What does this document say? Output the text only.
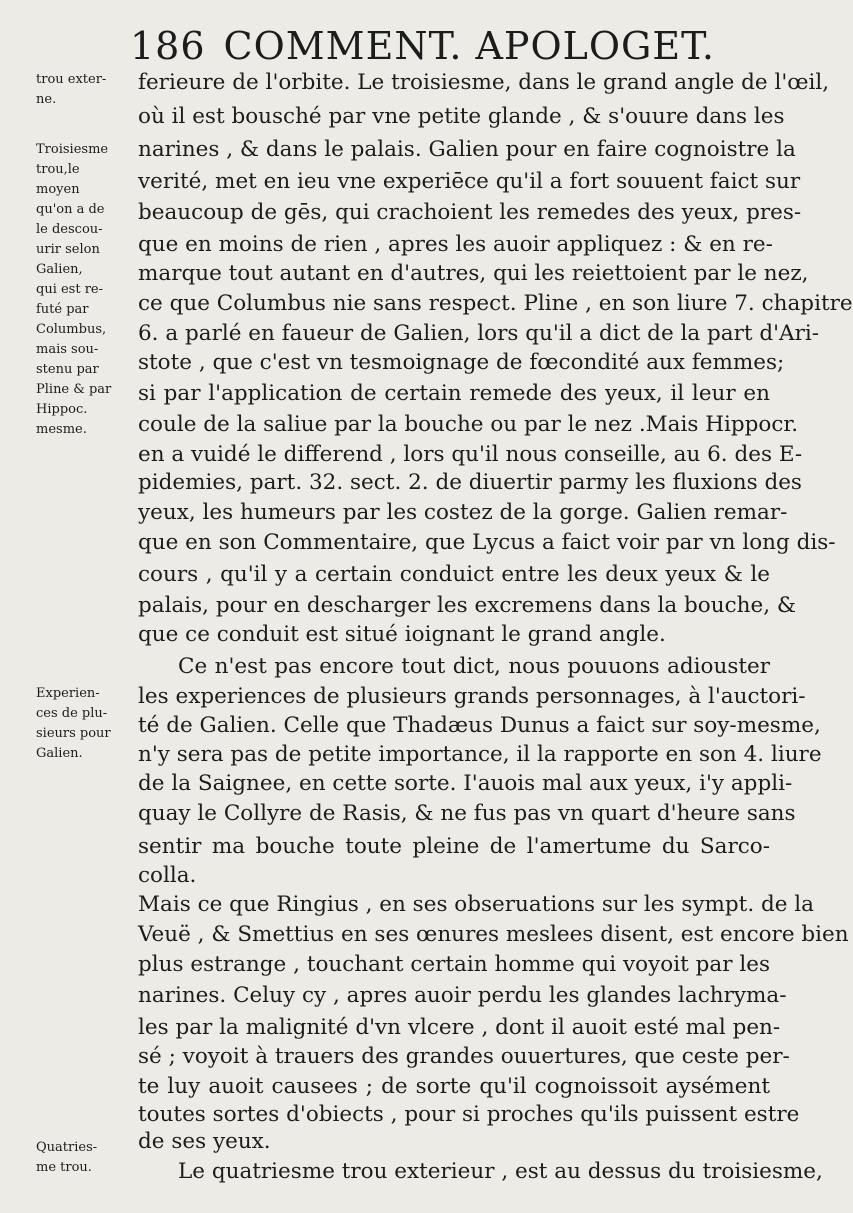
186 COMMENT. APOLOGET.
trou exter-
ne.
Troisiesme
trou,le
moyen
qu'on a de
le descou-
urir selon
Galien,
qui est re-
futé par
Columbus,
mais sou-
stenu par
Pline & par
Hippoc.
mesme.
Experien-
ces de plu-
sieurs pour
Galien.
Quatries-
me trou.
ferieure de l'orbite. Le troisiesme, dans le grand angle de l'œil,
où il est bousché par vne petite glande , & s'ouure dans les
narines , & dans le palais. Galien pour en faire cognoistre la
verité, met en ieu vne experiēce qu'il a fort souuent faict sur
beaucoup de gēs, qui crachoient les remedes des yeux, pres-
que en moins de rien , apres les auoir appliquez : & en re-
marque tout autant en d'autres, qui les reiettoient par le nez,
ce que Columbus nie sans respect. Pline , en son liure 7. chapitre
6. a parlé en faueur de Galien, lors qu'il a dict de la part d'Ari-
stote , que c'est vn tesmoignage de fœcondité aux femmes;
si par l'application de certain remede des yeux, il leur en
coule de la saliue par la bouche ou par le nez .Mais Hippocr.
en a vuidé le differend , lors qu'il nous conseille, au 6. des E-
pidemies, part. 32. sect. 2. de diuertir parmy les fluxions des
yeux, les humeurs par les costez de la gorge. Galien remar-
que en son Commentaire, que Lycus a faict voir par vn long dis-
cours , qu'il y a certain conduict entre les deux yeux & le
palais, pour en descharger les excremens dans la bouche, &
que ce conduit est situé ioignant le grand angle.
Ce n'est pas encore tout dict, nous pouuons adiouster
les experiences de plusieurs grands personnages, à l'auctori-
té de Galien. Celle que Thadæus Dunus a faict sur soy-mesme,
n'y sera pas de petite importance, il la rapporte en son 4. liure
de la Saignee, en cette sorte. I'auois mal aux yeux, i'y appli-
quay le Collyre de Rasis, & ne fus pas vn quart d'heure sans
sentir ma bouche toute pleine de l'amertume du Sarco-
colla.
Mais ce que Ringius , en ses obseruations sur les sympt. de la
Veuë , & Smettius en ses œnures meslees disent, est encore bien
plus estrange , touchant certain homme qui voyoit par les
narines. Celuy cy , apres auoir perdu les glandes lachryma-
les par la malignité d'vn vlcere , dont il auoit esté mal pen-
sé ; voyoit à trauers des grandes ouuertures, que ceste per-
te luy auoit causees ; de sorte qu'il cognoissoit aysément
toutes sortes d'obiects , pour si proches qu'ils puissent estre
de ses yeux.
Le quatriesme trou exterieur , est au dessus du troisiesme,
